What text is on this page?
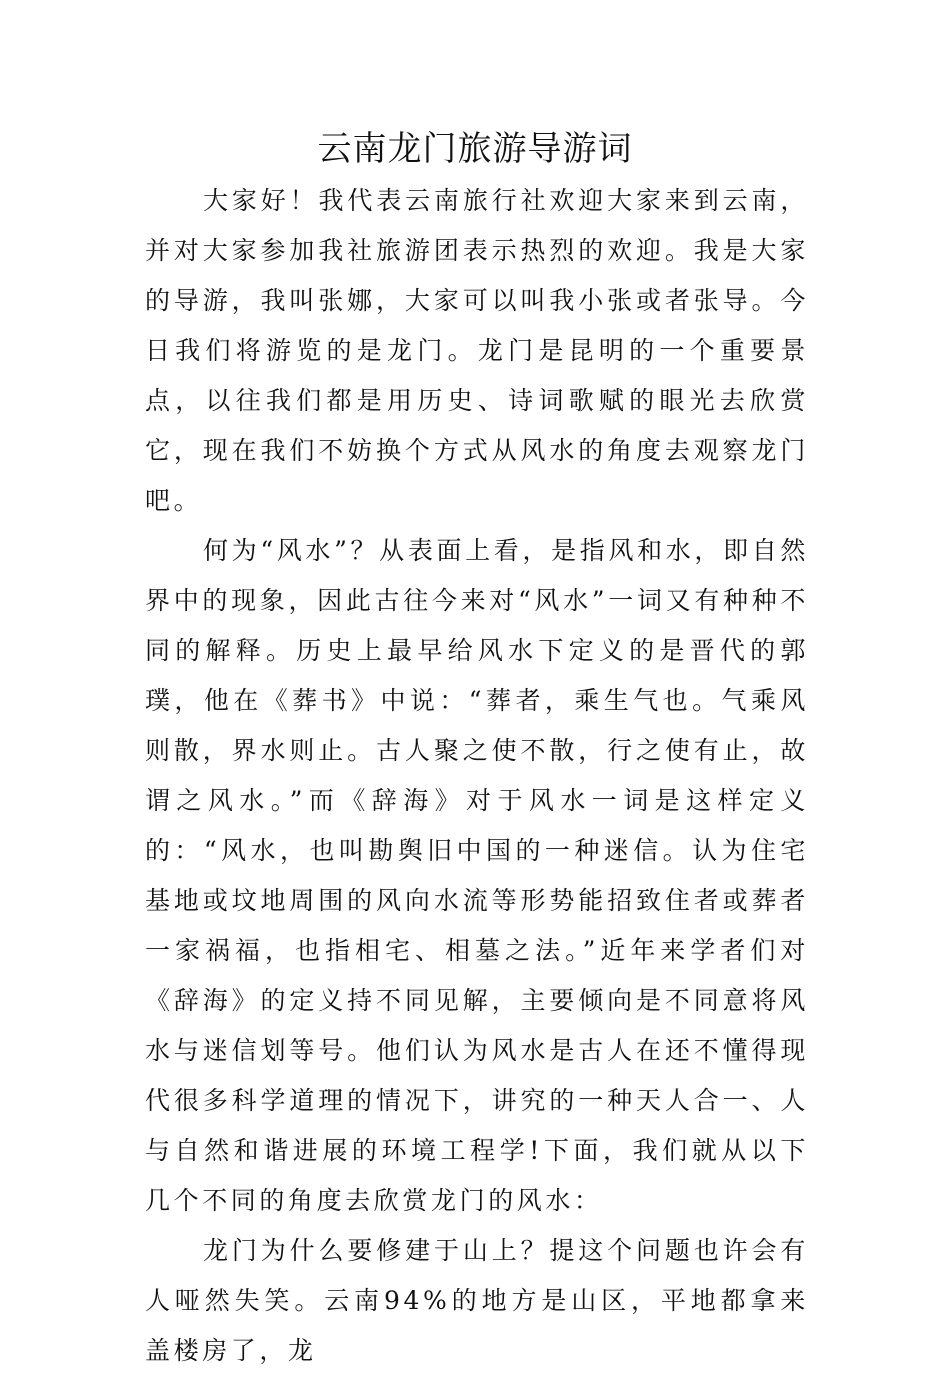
云南龙门旅游导游词

大家好！我代表云南旅行社欢迎大家来到云南，并对大家参加我社旅游团表示热烈的欢迎。我是大家的导游，我叫张娜，大家可以叫我小张或者张导。今日我们将游览的是龙门。龙门是昆明的一个重要景点，以往我们都是用历史、诗词歌赋的眼光去欣赏它，现在我们不妨换个方式从风水的角度去观察龙门吧。

何为“风水”？从表面上看，是指风和水，即自然界中的现象，因此古往今来对“风水”一词又有种种不同的解释。历史上最早给风水下定义的是晋代的郭璞，他在《葬书》中说：“葬者，乘生气也。气乘风则散，界水则止。古人聚之使不散，行之使有止，故谓之风水。”而《辞海》对于风水一词是这样定义的：“风水，也叫勘舆旧中国的一种迷信。认为住宅基地或坟地周围的风向水流等形势能招致住者或葬者一家祸福，也指相宅、相墓之法。”近年来学者们对《辞海》的定义持不同见解，主要倾向是不同意将风水与迷信划等号。他们认为风水是古人在还不懂得现代很多科学道理的情况下，讲究的一种天人合一、人与自然和谐进展的环境工程学!下面，我们就从以下几个不同的角度去欣赏龙门的风水：

龙门为什么要修建于山上？提这个问题也许会有人哑然失笑。云南94%的地方是山区，平地都拿来盖楼房了，龙
